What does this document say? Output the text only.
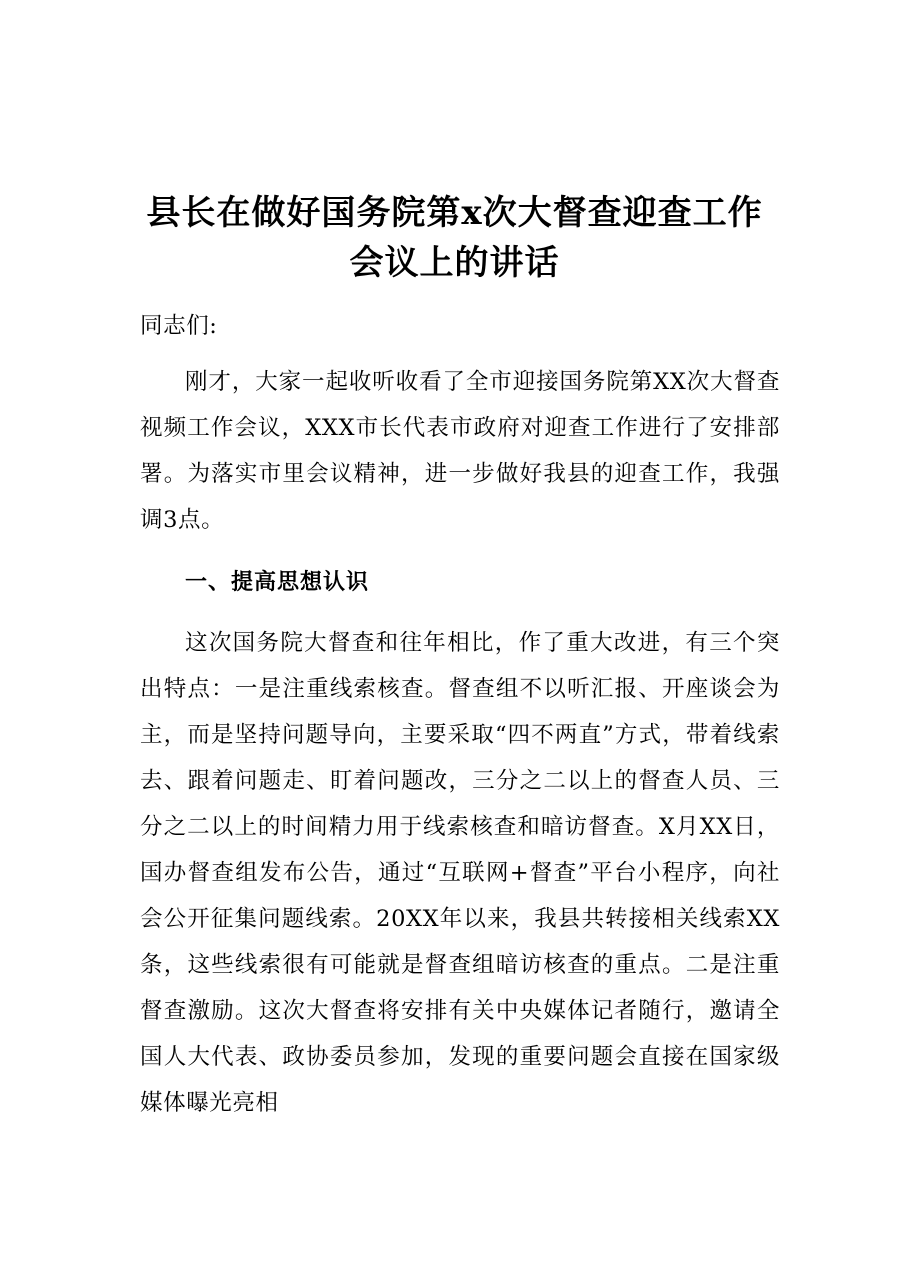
县长在做好国务院第x次大督查迎查工作
会议上的讲话
同志们:
刚才，大家一起收听收看了全市迎接国务院第XX次大督查视频工作会议，XXX市长代表市政府对迎查工作进行了安排部署。为落实市里会议精神，进一步做好我县的迎查工作，我强调3点。
一、提高思想认识
这次国务院大督查和往年相比，作了重大改进，有三个突出特点：一是注重线索核查。督查组不以听汇报、开座谈会为主，而是坚持问题导向，主要采取“四不两直”方式，带着线索去、跟着问题走、盯着问题改，三分之二以上的督查人员、三分之二以上的时间精力用于线索核查和暗访督查。X月XX日，国办督查组发布公告，通过“互联网+督查”平台小程序，向社会公开征集问题线索。20XX年以来，我县共转接相关线索XX条，这些线索很有可能就是督查组暗访核查的重点。二是注重督查激励。这次大督查将安排有关中央媒体记者随行，邀请全国人大代表、政协委员参加，发现的重要问题会直接在国家级媒体曝光亮相
